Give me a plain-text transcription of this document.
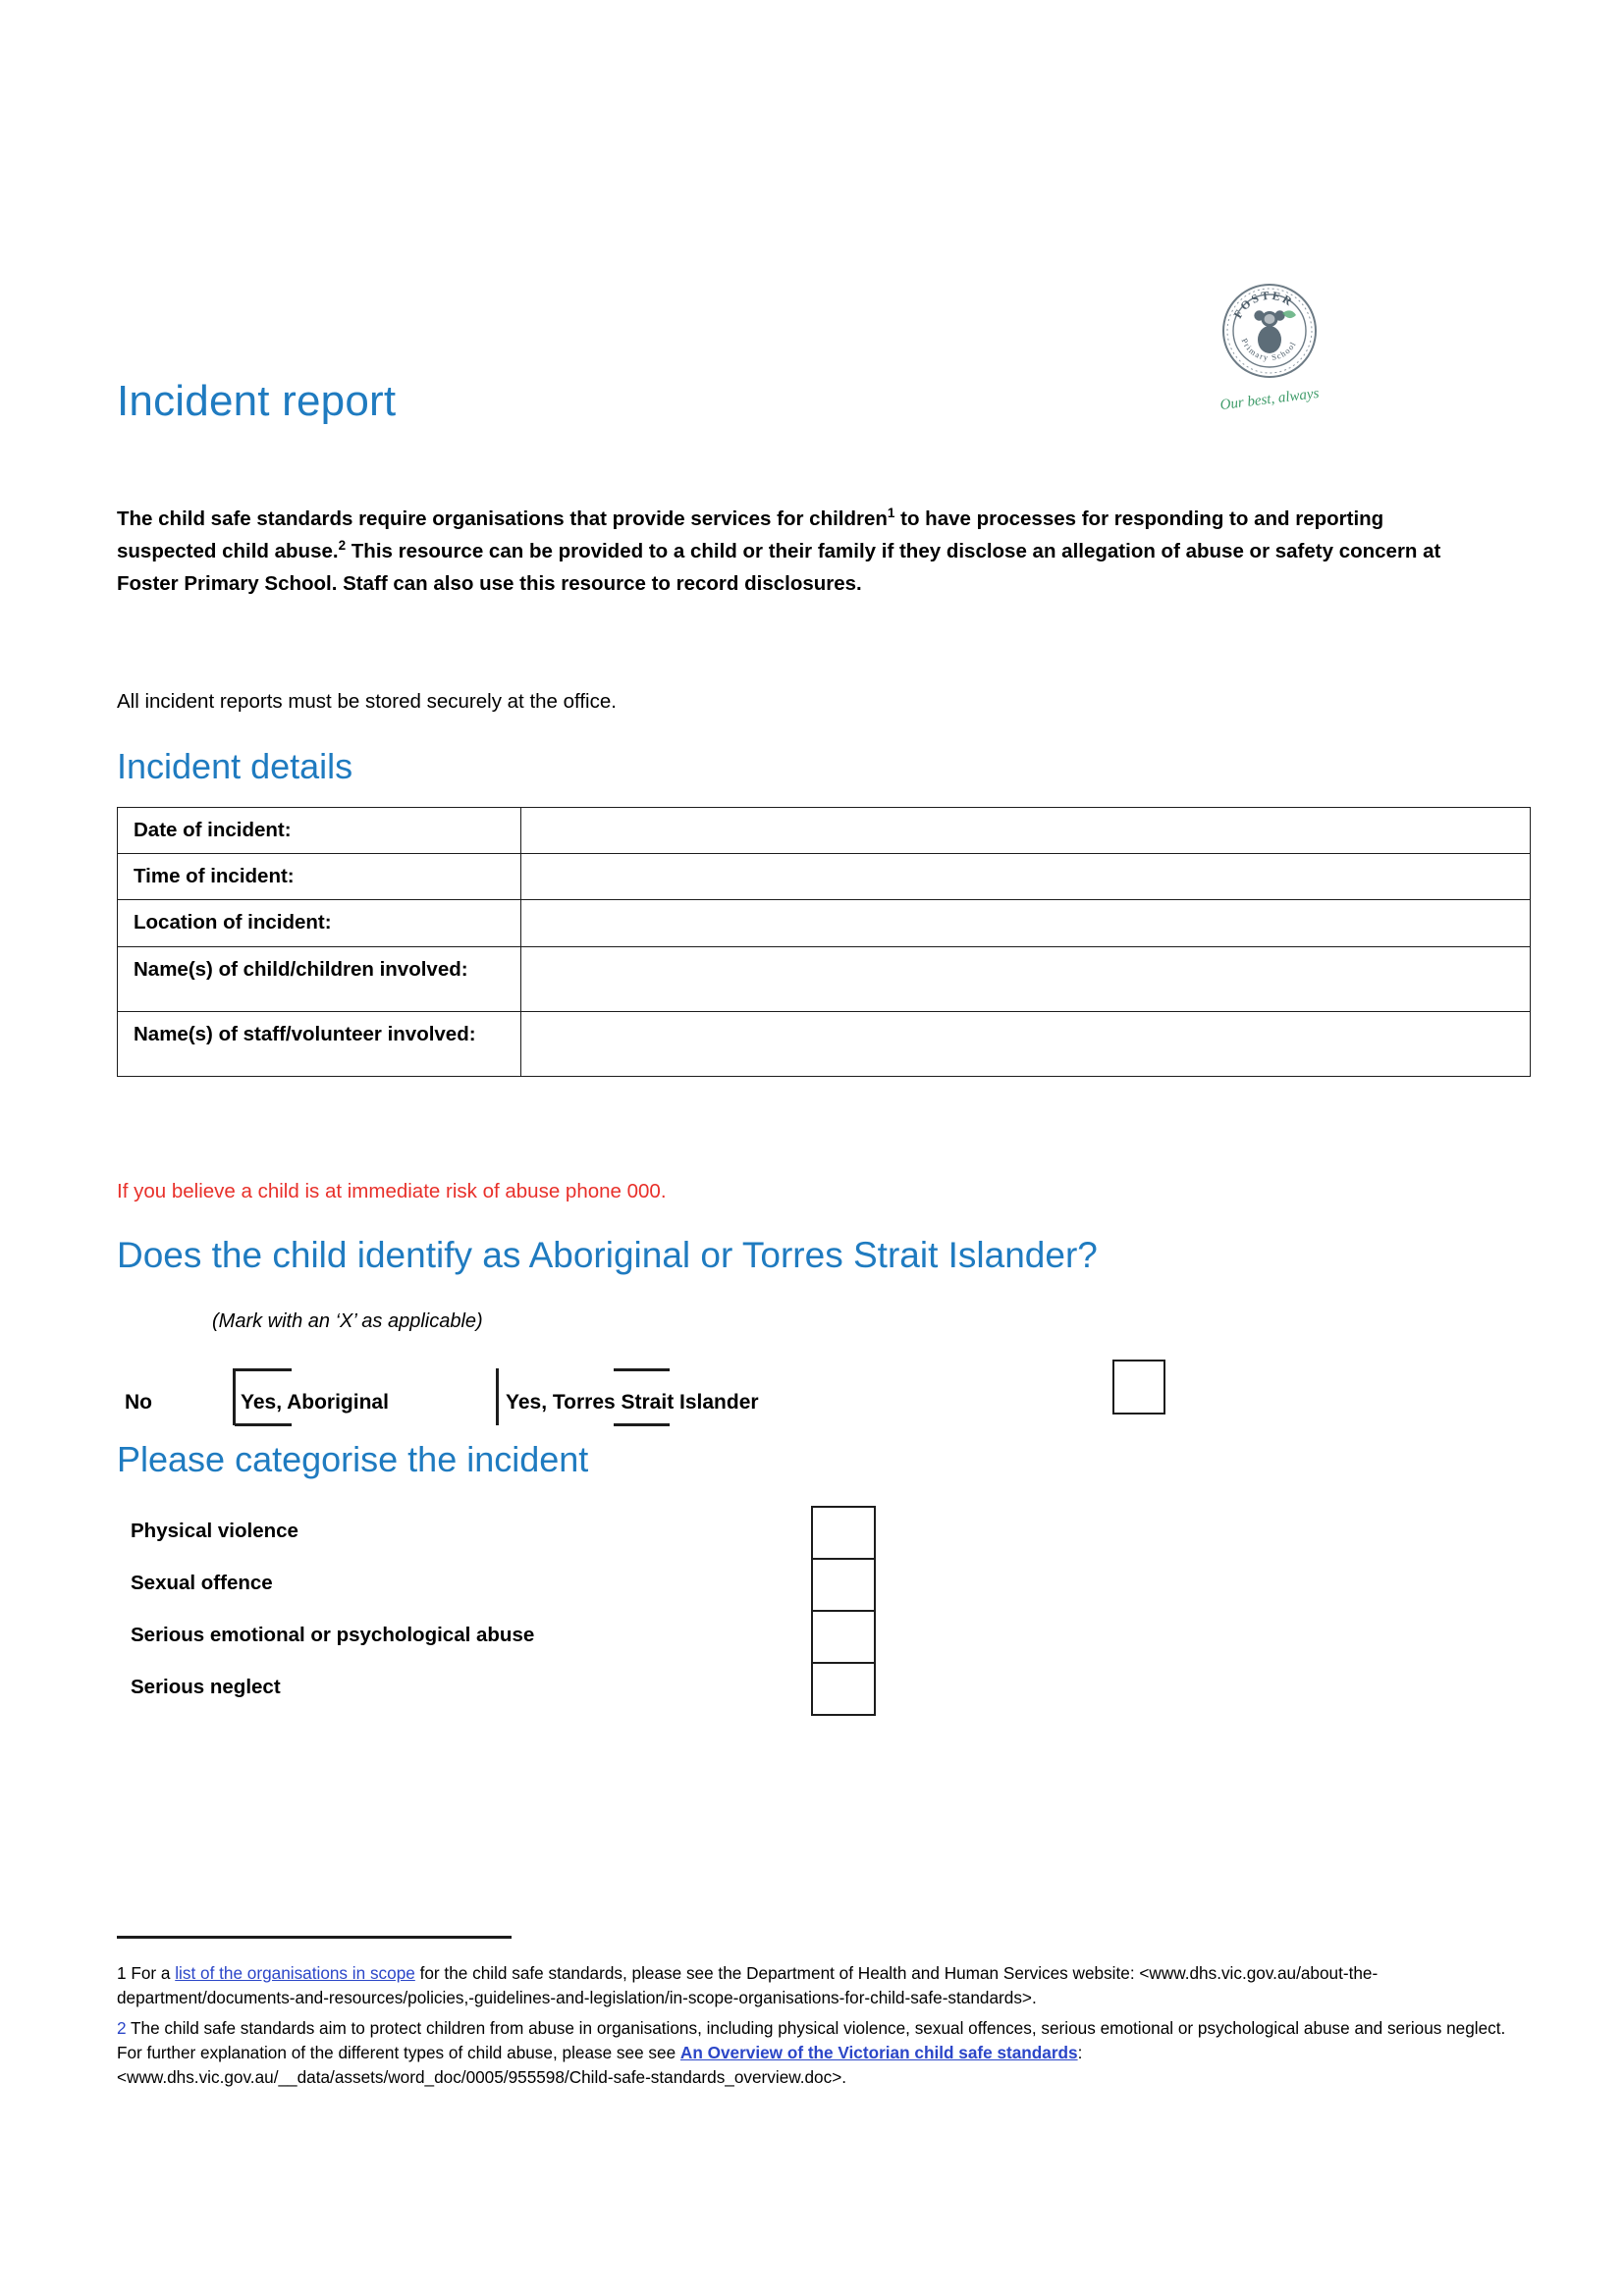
FOSTER
Primary School
Our best, always
Incident report
The child safe standards require organisations that provide services for children$^1$ to have processes for responding to and reporting suspected child abuse.$^2$ This resource can be provided to a child or their family if they disclose an allegation of abuse or safety concern at Foster Primary School. Staff can also use this resource to record disclosures.
All incident reports must be stored securely at the office.
Incident details
Date of incident:	
Time of incident:	
Location of incident:	
Name(s) of child/children involved:	
Name(s) of staff/volunteer involved:	
If you believe a child is at immediate risk of abuse phone 000.
Does the child identify as Aboriginal or Torres Strait Islander?
(Mark with an ‘X’ as applicable)
No	Yes, Aboriginal	Yes, Torres Strait Islander
Please categorise the incident
Physical violence
Sexual offence
Serious emotional or psychological abuse
Serious neglect
1 For a list of the organisations in scope for the child safe standards, please see the Department of Health and Human Services website: <www.dhs.vic.gov.au/about-the-department/documents-and-resources/policies,-guidelines-and-legislation/in-scope-organisations-for-child-safe-standards>.
2 The child safe standards aim to protect children from abuse in organisations, including physical violence, sexual offences, serious emotional or psychological abuse and serious neglect. For further explanation of the different types of child abuse, please see see An Overview of the Victorian child safe standards: <www.dhs.vic.gov.au/__data/assets/word_doc/0005/955598/Child-safe-standards_overview.doc>.
